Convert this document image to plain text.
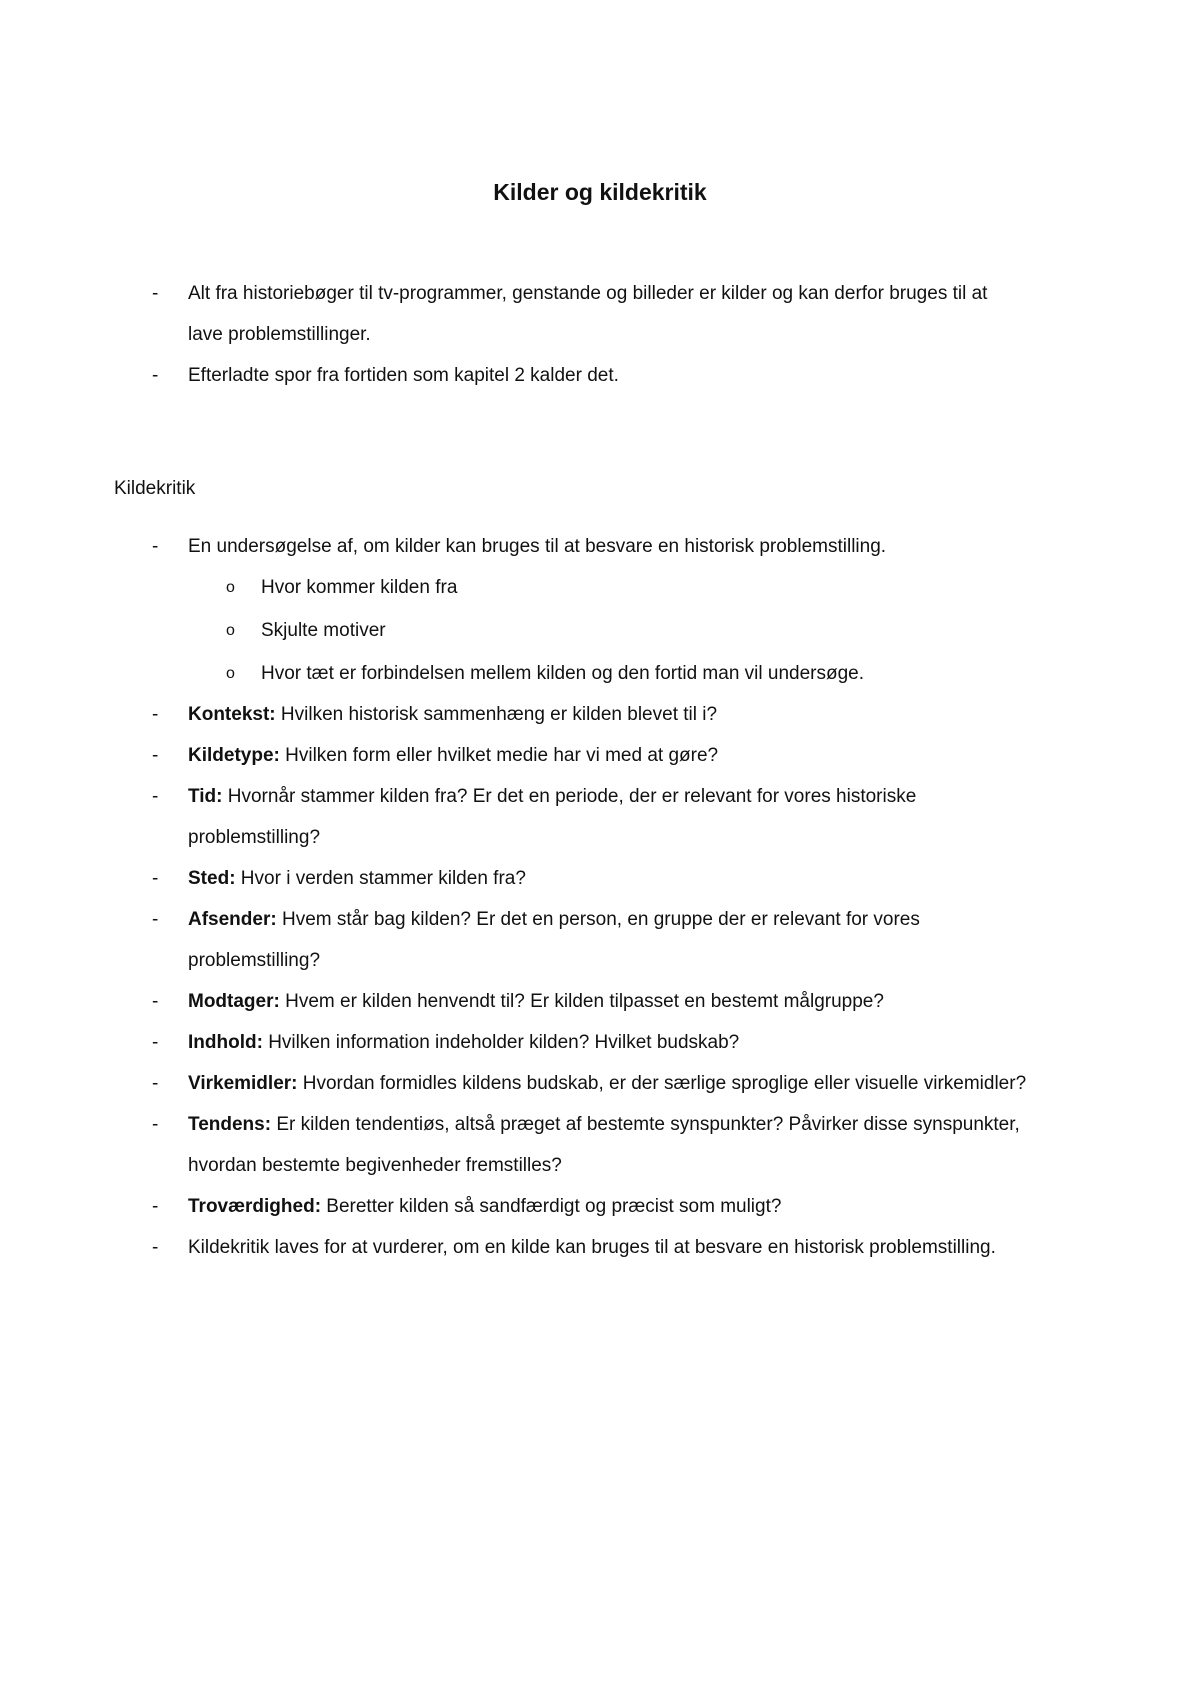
Kilder og kildekritik
- Alt fra historiebøger til tv-programmer, genstande og billeder er kilder og kan derfor bruges til at
lave problemstillinger.
- Efterladte spor fra fortiden som kapitel 2 kalder det.
Kildekritik
- En undersøgelse af, om kilder kan bruges til at besvare en historisk problemstilling.
o Hvor kommer kilden fra
o Skjulte motiver
o Hvor tæt er forbindelsen mellem kilden og den fortid man vil undersøge.
- Kontekst: Hvilken historisk sammenhæng er kilden blevet til i?
- Kildetype: Hvilken form eller hvilket medie har vi med at gøre?
- Tid: Hvornår stammer kilden fra? Er det en periode, der er relevant for vores historiske
problemstilling?
- Sted: Hvor i verden stammer kilden fra?
- Afsender: Hvem står bag kilden? Er det en person, en gruppe der er relevant for vores
problemstilling?
- Modtager: Hvem er kilden henvendt til? Er kilden tilpasset en bestemt målgruppe?
- Indhold: Hvilken information indeholder kilden? Hvilket budskab?
- Virkemidler: Hvordan formidles kildens budskab, er der særlige sproglige eller visuelle virkemidler?
- Tendens: Er kilden tendentiøs, altså præget af bestemte synspunkter? Påvirker disse synspunkter,
hvordan bestemte begivenheder fremstilles?
- Troværdighed: Beretter kilden så sandfærdigt og præcist som muligt?
- Kildekritik laves for at vurderer, om en kilde kan bruges til at besvare en historisk problemstilling.
